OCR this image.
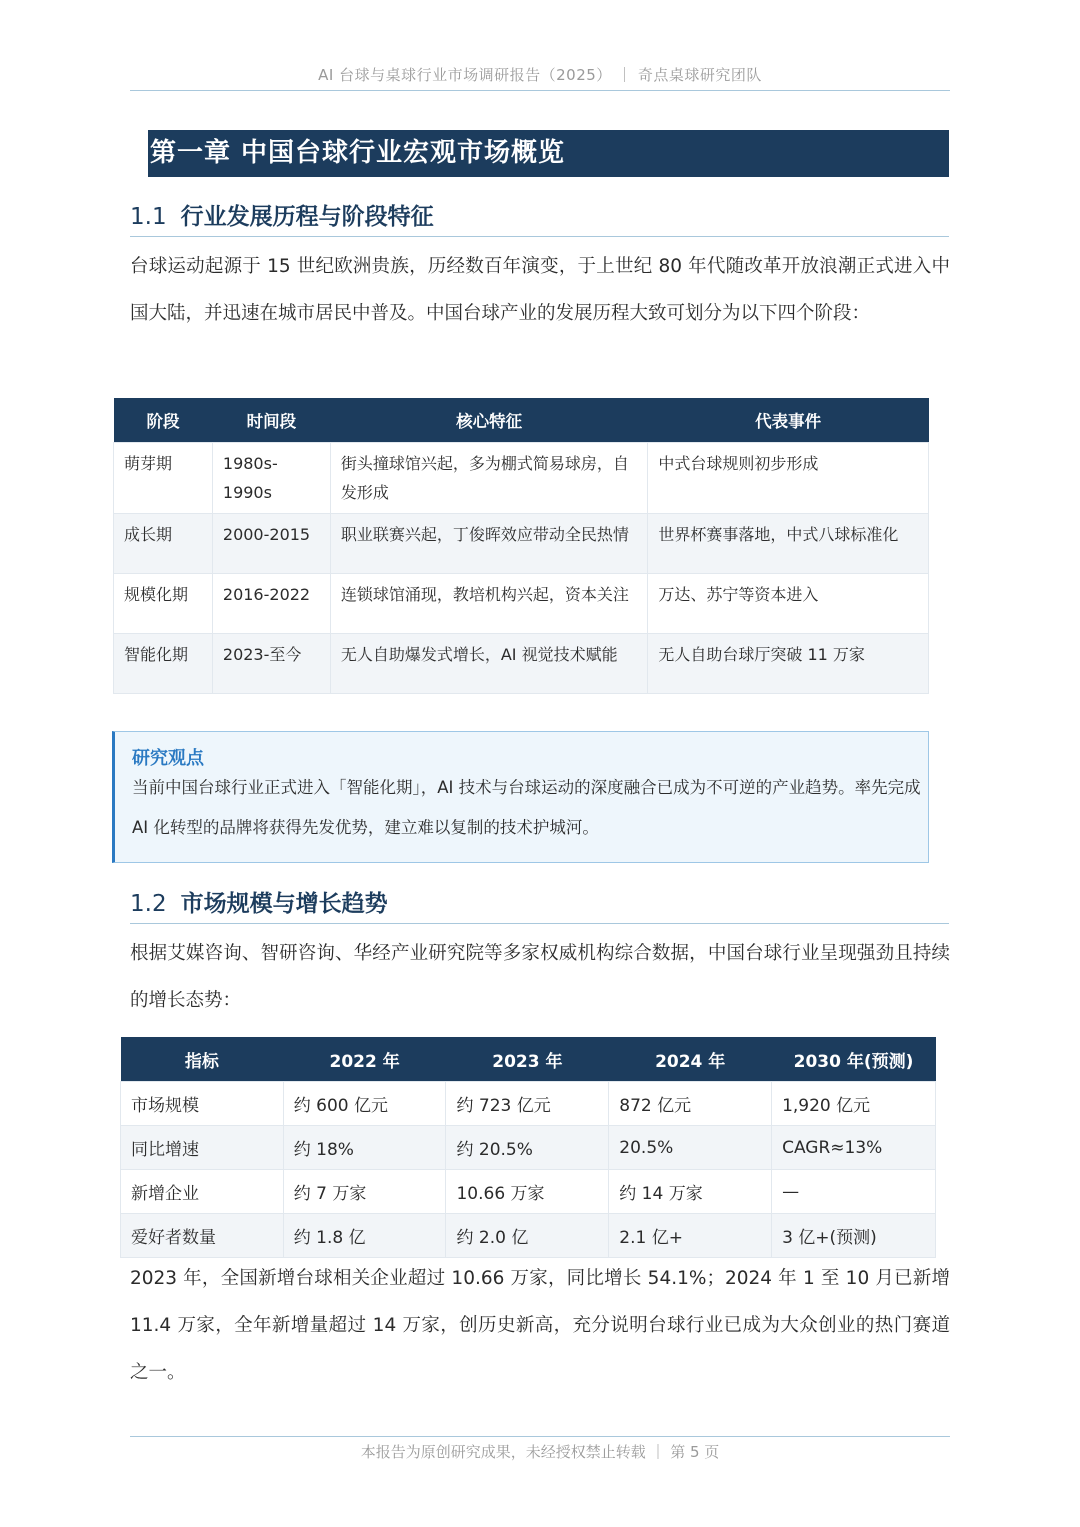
AI 台球与桌球行业市场调研报告（2025） ｜ 奇点桌球研究团队
第一章 中国台球行业宏观市场概览
1.1 行业发展历程与阶段特征
台球运动起源于 15 世纪欧洲贵族，历经数百年演变，于上世纪 80 年代随改革开放浪潮正式进入中国大陆，并迅速在城市居民中普及。中国台球产业的发展历程大致可划分为以下四个阶段：
阶段	时间段	核心特征	代表事件
萌芽期	1980s-1990s	街头撞球馆兴起，多为棚式简易球房，自发形成	中式台球规则初步形成
成长期	2000-2015	职业联赛兴起，丁俊晖效应带动全民热情	世界杯赛事落地，中式八球标准化
规模化期	2016-2022	连锁球馆涌现，教培机构兴起，资本关注	万达、苏宁等资本进入
智能化期	2023-至今	无人自助爆发式增长，AI 视觉技术赋能	无人自助台球厅突破 11 万家
研究观点
当前中国台球行业正式进入「智能化期」，AI 技术与台球运动的深度融合已成为不可逆的产业趋势。率先完成 AI 化转型的品牌将获得先发优势，建立难以复制的技术护城河。
1.2 市场规模与增长趋势
根据艾媒咨询、智研咨询、华经产业研究院等多家权威机构综合数据，中国台球行业呈现强劲且持续的增长态势：
指标	2022 年	2023 年	2024 年	2030 年(预测)
市场规模	约 600 亿元	约 723 亿元	872 亿元	1,920 亿元
同比增速	约 18%	约 20.5%	20.5%	CAGR≈13%
新增企业	约 7 万家	10.66 万家	约 14 万家	—
爱好者数量	约 1.8 亿	约 2.0 亿	2.1 亿+	3 亿+(预测)
2023 年，全国新增台球相关企业超过 10.66 万家，同比增长 54.1%；2024 年 1 至 10 月已新增 11.4 万家，全年新增量超过 14 万家，创历史新高，充分说明台球行业已成为大众创业的热门赛道之一。
本报告为原创研究成果，未经授权禁止转载 ｜ 第 5 页
